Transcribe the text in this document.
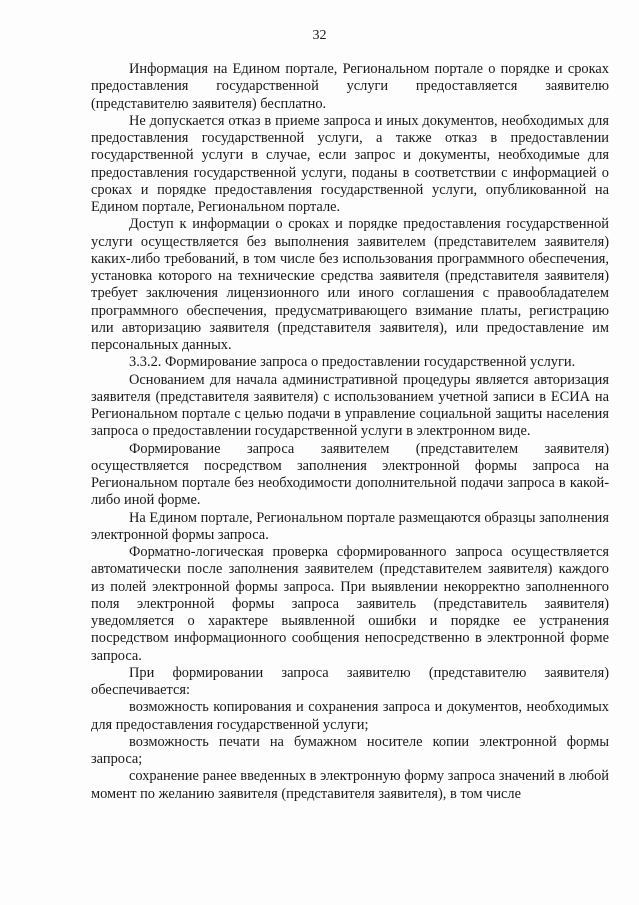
32

Информация на Едином портале, Региональном портале о порядке и сроках предоставления государственной услуги предоставляется заявителю (представителю заявителя) бесплатно.

Не допускается отказ в приеме запроса и иных документов, необходимых для предоставления государственной услуги, а также отказ в предоставлении государственной услуги в случае, если запрос и документы, необходимые для предоставления государственной услуги, поданы в соответствии с информацией о сроках и порядке предоставления государственной услуги, опубликованной на Едином портале, Региональном портале.

Доступ к информации о сроках и порядке предоставления государственной услуги осуществляется без выполнения заявителем (представителем заявителя) каких-либо требований, в том числе без использования программного обеспечения, установка которого на технические средства заявителя (представителя заявителя) требует заключения лицензионного или иного соглашения с правообладателем программного обеспечения, предусматривающего взимание платы, регистрацию или авторизацию заявителя (представителя заявителя), или предоставление им персональных данных.

3.3.2. Формирование запроса о предоставлении государственной услуги.

Основанием для начала административной процедуры является авторизация заявителя (представителя заявителя) с использованием учетной записи в ЕСИА на Региональном портале с целью подачи в управление социальной защиты населения запроса о предоставлении государственной услуги в электронном виде.

Формирование запроса заявителем (представителем заявителя) осуществляется посредством заполнения электронной формы запроса на Региональном портале без необходимости дополнительной подачи запроса в какой-либо иной форме.

На Едином портале, Региональном портале размещаются образцы заполнения электронной формы запроса.

Форматно-логическая проверка сформированного запроса осуществляется автоматически после заполнения заявителем (представителем заявителя) каждого из полей электронной формы запроса. При выявлении некорректно заполненного поля электронной формы запроса заявитель (представитель заявителя) уведомляется о характере выявленной ошибки и порядке ее устранения посредством информационного сообщения непосредственно в электронной форме запроса.

При формировании запроса заявителю (представителю заявителя) обеспечивается:

возможность копирования и сохранения запроса и документов, необходимых для предоставления государственной услуги;

возможность печати на бумажном носителе копии электронной формы запроса;

сохранение ранее введенных в электронную форму запроса значений в любой момент по желанию заявителя (представителя заявителя), в том числе
